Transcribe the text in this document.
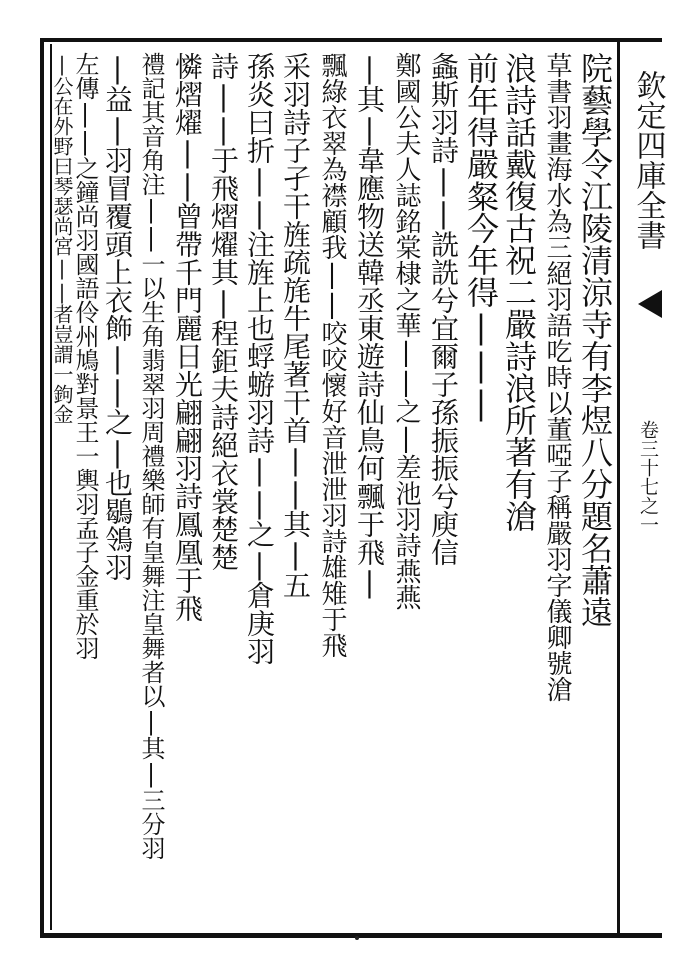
欽定四庫全書
卷三十七之一
院藝學令江陵清涼寺有李煜八分題名蕭遠
草書羽畫海水為三絕羽語吃時以董啞子稱嚴羽字儀卿號滄
浪詩話戴復古祝二嚴詩浪所著有滄
前年得嚴粲今年得|||
螽斯羽詩||詵詵兮宜爾子孫振振兮庾信
鄭國公夫人誌銘棠棣之華||之|差池羽詩燕燕
|其|韋應物送韓丞東遊詩仙鳥何飄于飛|
飄綠衣翠為襟顧我||咬咬懷好音泄泄羽詩雄雉于飛
采羽詩子孑干旌疏旄牛尾著干首||其|五
孫炎曰折||注旌上也蜉蝣羽詩||之|倉庚羽
詩||于飛熠燿其|程鉅夫詩絕衣裳楚楚
憐熠燿||曾帶千門麗日光翩翩羽詩鳳凰于飛
禮記其音角注||一以生角翡翠羽周禮樂師有皇舞注皇舞者以|其|三分羽
|益|羽冒覆頭上衣飾||之|也鶡鴒羽
左傳||之鐘尚羽國語伶州鳩對景王一輿羽孟子金重於羽
|公在外野曰琴瑟尚宮||者豈謂一鉤金
